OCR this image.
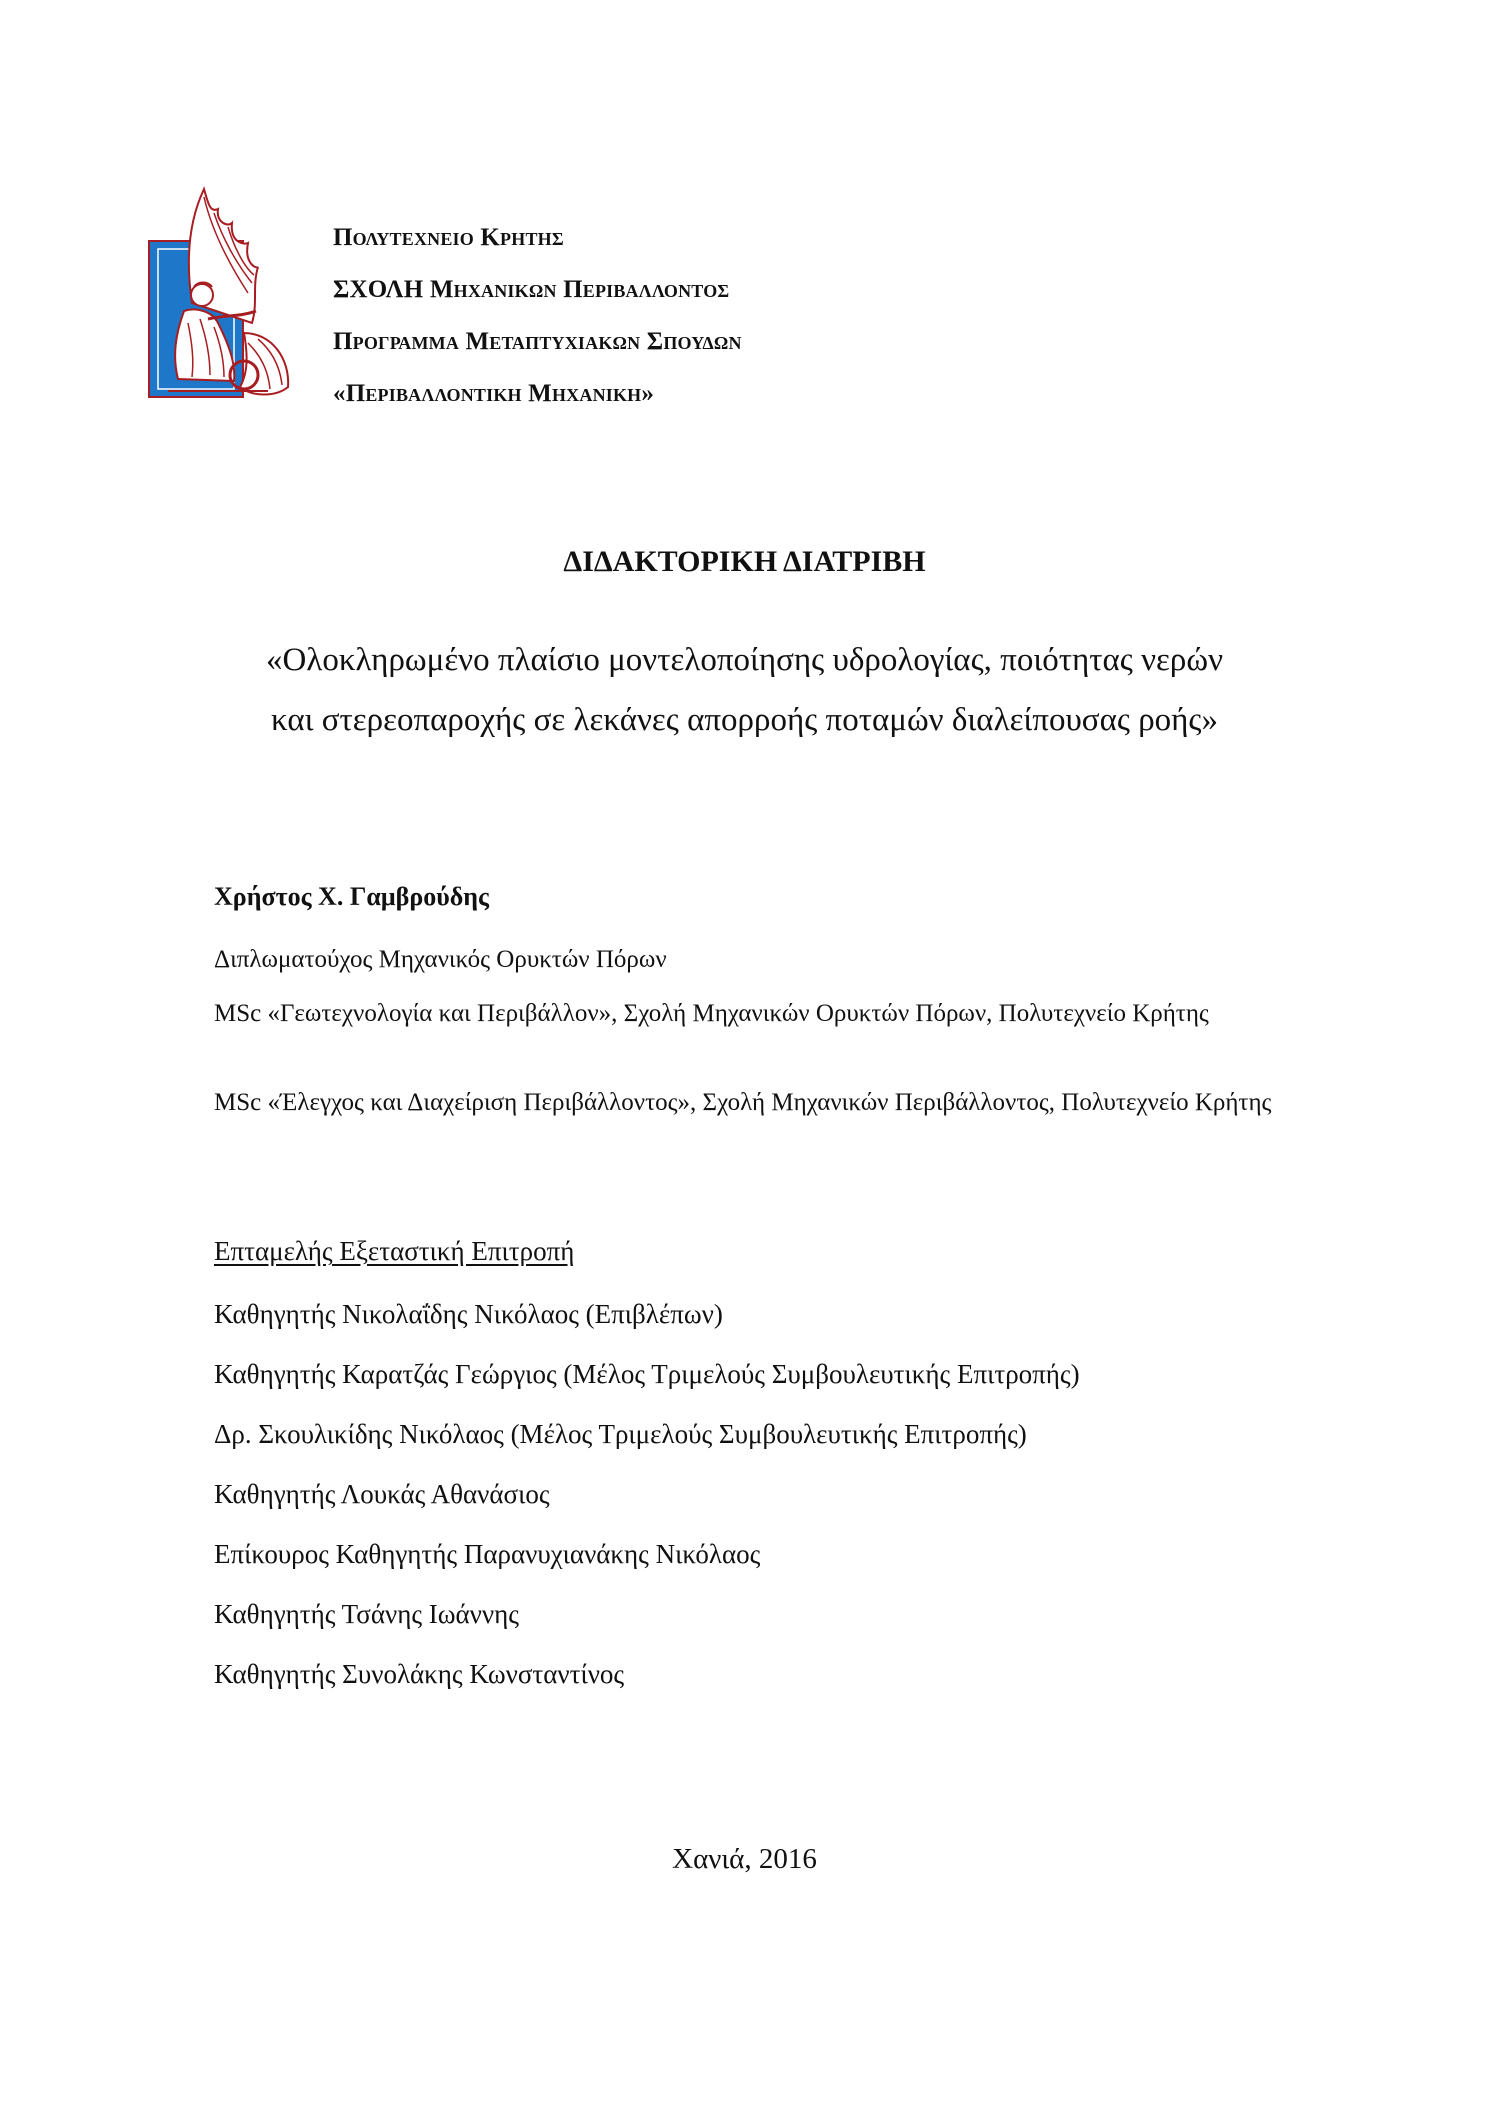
Πολυτεχνειο Κρητησ
ΣΧΟΛΗ Μηχανικων Περιβαλλοντοσ
Προγραμμα Μεταπτυχιακων Σπουδων
«Περιβαλλοντικη Μηχανικη»
ΔΙΔΑΚΤΟΡΙΚΗ ΔΙΑΤΡΙΒΗ
«Ολοκληρωμένο πλαίσιο μοντελοποίησης υδρολογίας, ποιότητας νερών
και στερεοπαροχής σε λεκάνες απορροής ποταμών διαλείπουσας ροής»
Χρήστος Χ. Γαμβρούδης
Διπλωματούχος Μηχανικός Ορυκτών Πόρων
MSc «Γεωτεχνολογία και Περιβάλλον», Σχολή Μηχανικών Ορυκτών Πόρων, Πολυτεχνείο Κρήτης
MSc «Έλεγχος και Διαχείριση Περιβάλλοντος», Σχολή Μηχανικών Περιβάλλοντος, Πολυτεχνείο Κρήτης
Επταμελής Εξεταστική Επιτροπή
Καθηγητής Νικολαΐδης Νικόλαος (Επιβλέπων)
Καθηγητής Καρατζάς Γεώργιος (Μέλος Τριμελούς Συμβουλευτικής Επιτροπής)
Δρ. Σκουλικίδης Νικόλαος (Μέλος Τριμελούς Συμβουλευτικής Επιτροπής)
Καθηγητής Λουκάς Αθανάσιος
Επίκουρος Καθηγητής Παρανυχιανάκης Νικόλαος
Καθηγητής Τσάνης Ιωάννης
Καθηγητής Συνολάκης Κωνσταντίνος
Χανιά, 2016
